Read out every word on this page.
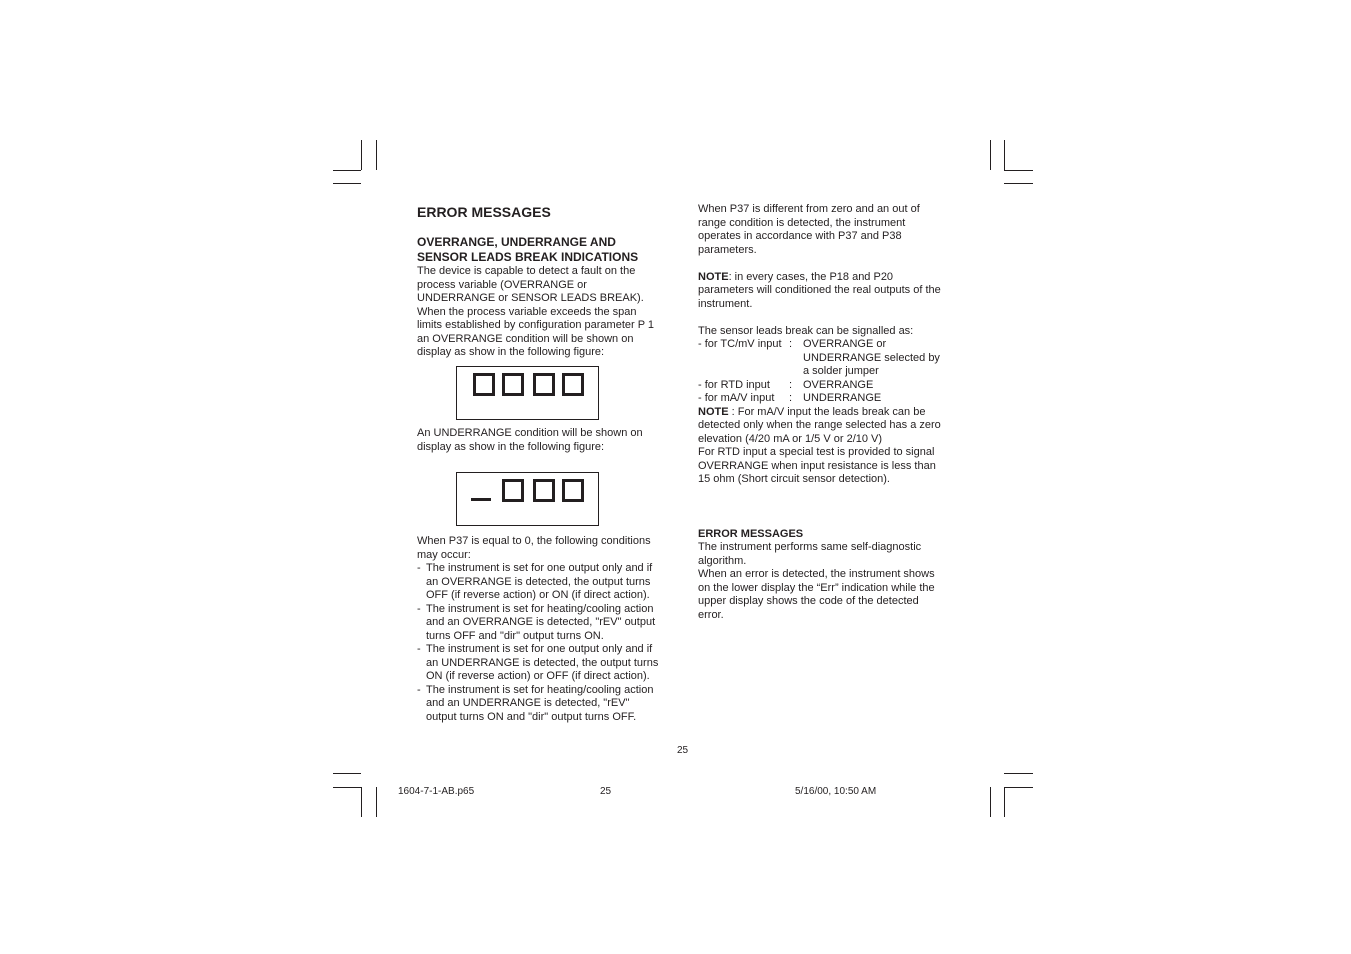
ERROR MESSAGES
OVERRANGE, UNDERRANGE AND
SENSOR LEADS BREAK INDICATIONS
The device is capable to detect a fault on the
process variable (OVERRANGE or
UNDERRANGE or SENSOR LEADS BREAK).
When the process variable exceeds the span
limits established by configuration parameter P 1
an OVERRANGE condition will be shown on
display as show in the following figure:
An UNDERRANGE condition will be shown on
display as show in the following figure:
When P37 is equal to 0, the following conditions
may occur:
- The instrument is set for one output only and if
an OVERRANGE is detected, the output turns
OFF (if reverse action) or ON (if direct action).
- The instrument is set for heating/cooling action
and an OVERRANGE is detected, "rEV" output
turns OFF and "dir" output turns ON.
- The instrument is set for one output only and if
an UNDERRANGE is detected, the output turns
ON (if reverse action) or OFF (if direct action).
- The instrument is set for heating/cooling action
and an UNDERRANGE is detected, "rEV"
output turns ON and "dir" output turns OFF.
When P37 is different from zero and an out of
range condition is detected, the instrument
operates in accordance with P37 and P38
parameters.
NOTE: in every cases, the P18 and P20
parameters will conditioned the real outputs of the
instrument.
The sensor leads break can be signalled as:
- for TC/mV input : OVERRANGE or
UNDERRANGE selected by
a solder jumper
- for RTD input	: OVERRANGE
- for mA/V input	: UNDERRANGE
NOTE : For mA/V input the leads break can be
detected only when the range selected has a zero
elevation (4/20 mA or 1/5 V or 2/10 V)
For RTD input a special test is provided to signal
OVERRANGE when input resistance is less than
15 ohm (Short circuit sensor detection).
ERROR MESSAGES
The instrument performs same self-diagnostic
algorithm.
When an error is detected, the instrument shows
on the lower display the “Err” indication while the
upper display shows the code of the detected
error.
25
1604-7-1-AB.p65	25	5/16/00, 10:50 AM
